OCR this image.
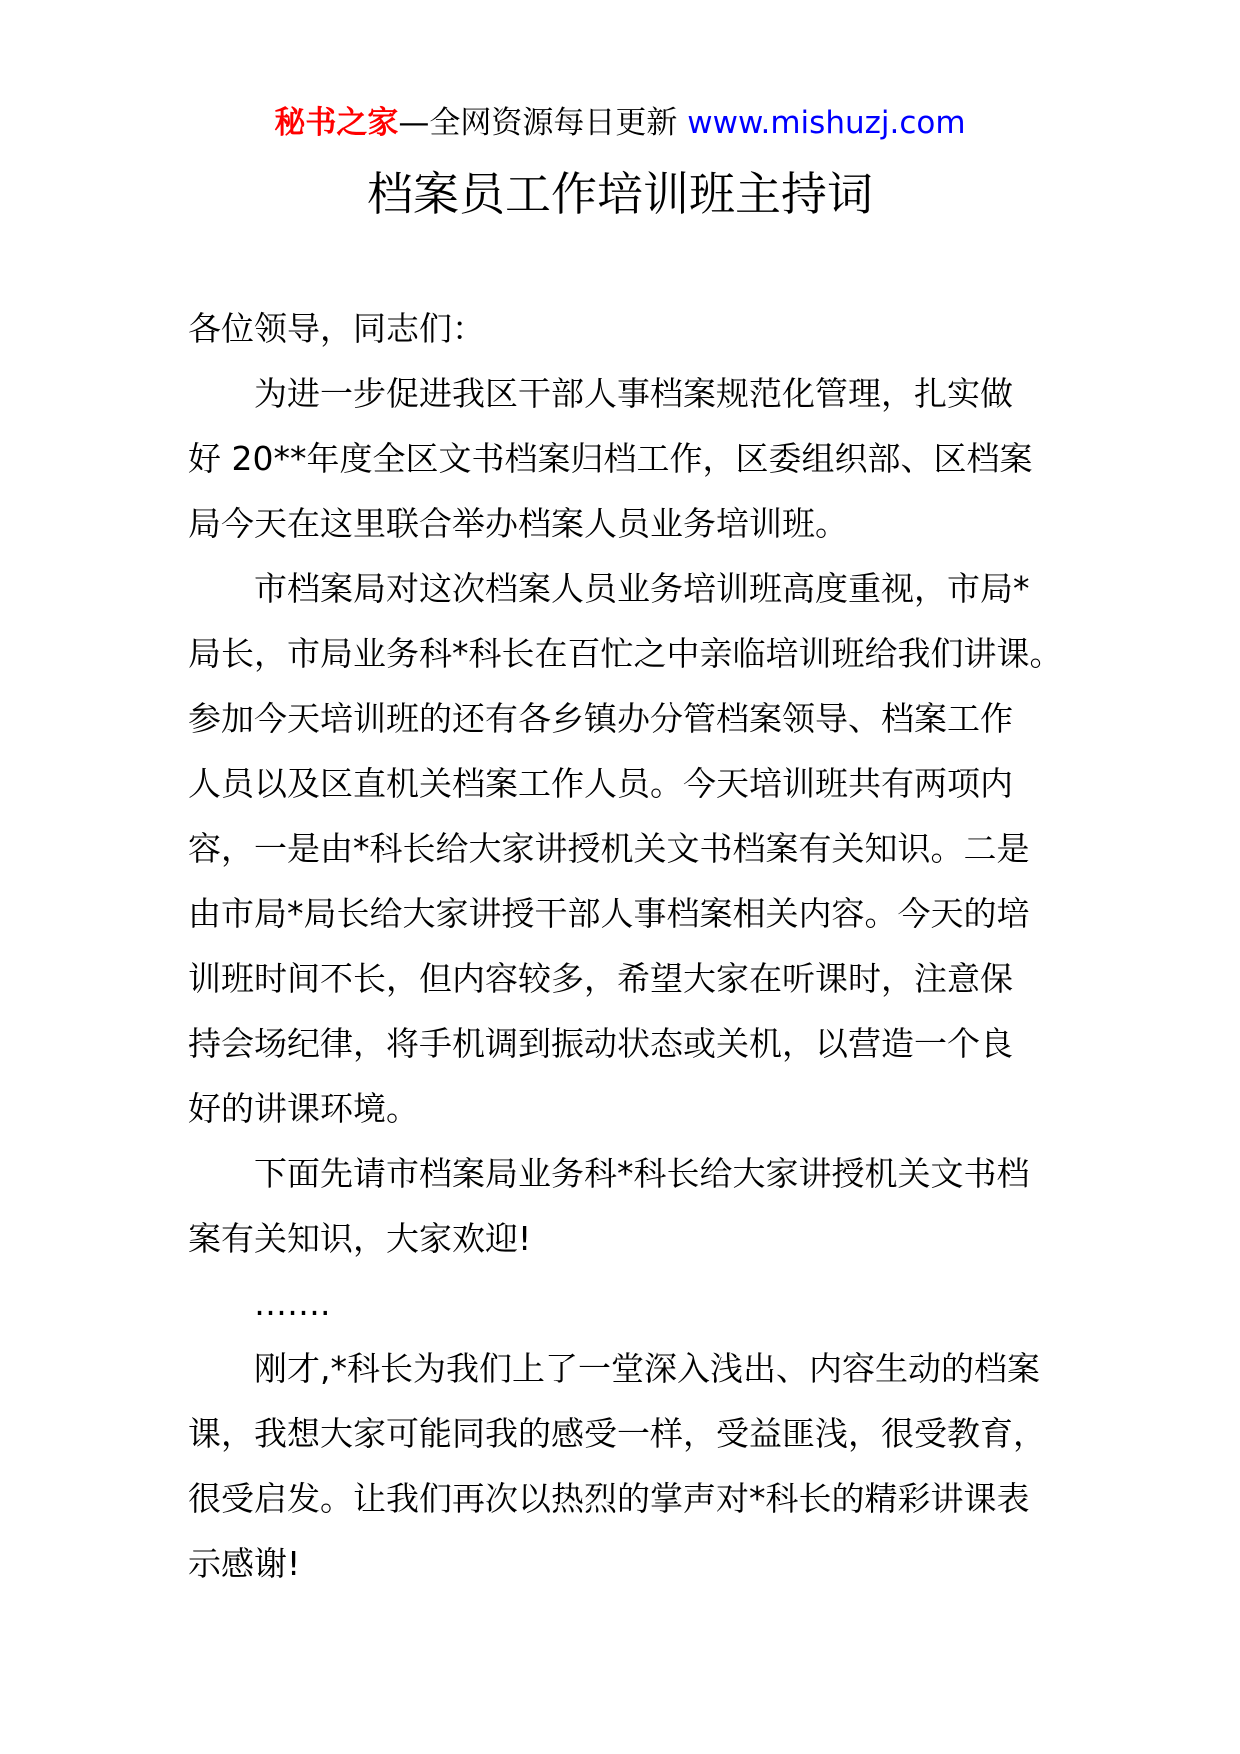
秘书之家—全网资源每日更新 www.mishuzj.com
档案员工作培训班主持词
各位领导，同志们：
为进一步促进我区干部人事档案规范化管理，扎实做
好 20**年度全区文书档案归档工作，区委组织部、区档案
局今天在这里联合举办档案人员业务培训班。
市档案局对这次档案人员业务培训班高度重视，市局*
局长，市局业务科*科长在百忙之中亲临培训班给我们讲课。
参加今天培训班的还有各乡镇办分管档案领导、档案工作
人员以及区直机关档案工作人员。今天培训班共有两项内
容，一是由*科长给大家讲授机关文书档案有关知识。二是
由市局*局长给大家讲授干部人事档案相关内容。今天的培
训班时间不长，但内容较多，希望大家在听课时，注意保
持会场纪律，将手机调到振动状态或关机，以营造一个良
好的讲课环境。
下面先请市档案局业务科*科长给大家讲授机关文书档
案有关知识，大家欢迎!
…….
刚才,*科长为我们上了一堂深入浅出、内容生动的档案
课，我想大家可能同我的感受一样，受益匪浅，很受教育，
很受启发。让我们再次以热烈的掌声对*科长的精彩讲课表
示感谢!
